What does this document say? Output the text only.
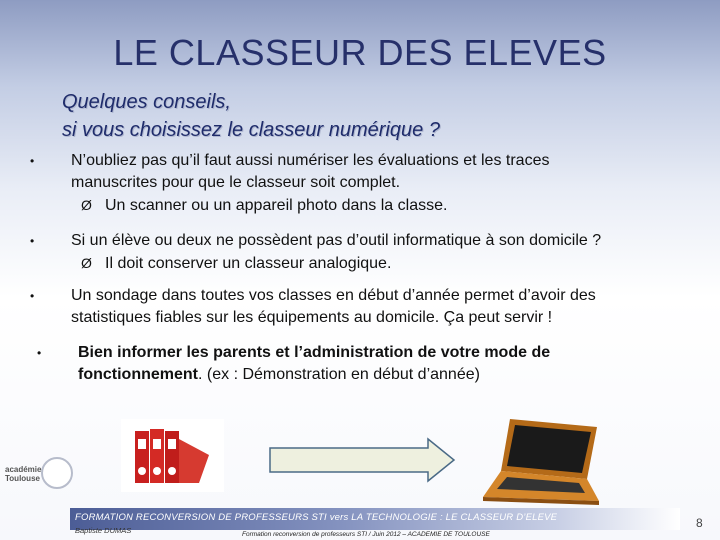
LE CLASSEUR DES ELEVES
Quelques conseils,
si vous choisissez le classeur numérique ?
•	N’oubliez pas qu’il faut aussi numériser les évaluations et les traces
manuscrites pour que le classeur soit complet.
Ø Un scanner ou un appareil photo dans la classe.
•	Si un élève ou deux ne possèdent pas d’outil informatique à son domicile ?
Ø Il doit conserver un classeur analogique.
•	Un sondage dans toutes vos classes en début d’année permet d’avoir des
statistiques fiables sur les équipements au domicile. Ça peut servir !
•	Bien informer les parents et l’administration de votre mode de fonctionnement. (ex : Démonstration en début d’année)
académie
Toulouse
FORMATION RECONVERSION DE PROFESSEURS STI vers LA TECHNOLOGIE : LE CLASSEUR D’ELEVE
Baptiste DUMAS	Formation reconversion de professeurs STI / Juin 2012 – ACADEMIE DE TOULOUSE
8
